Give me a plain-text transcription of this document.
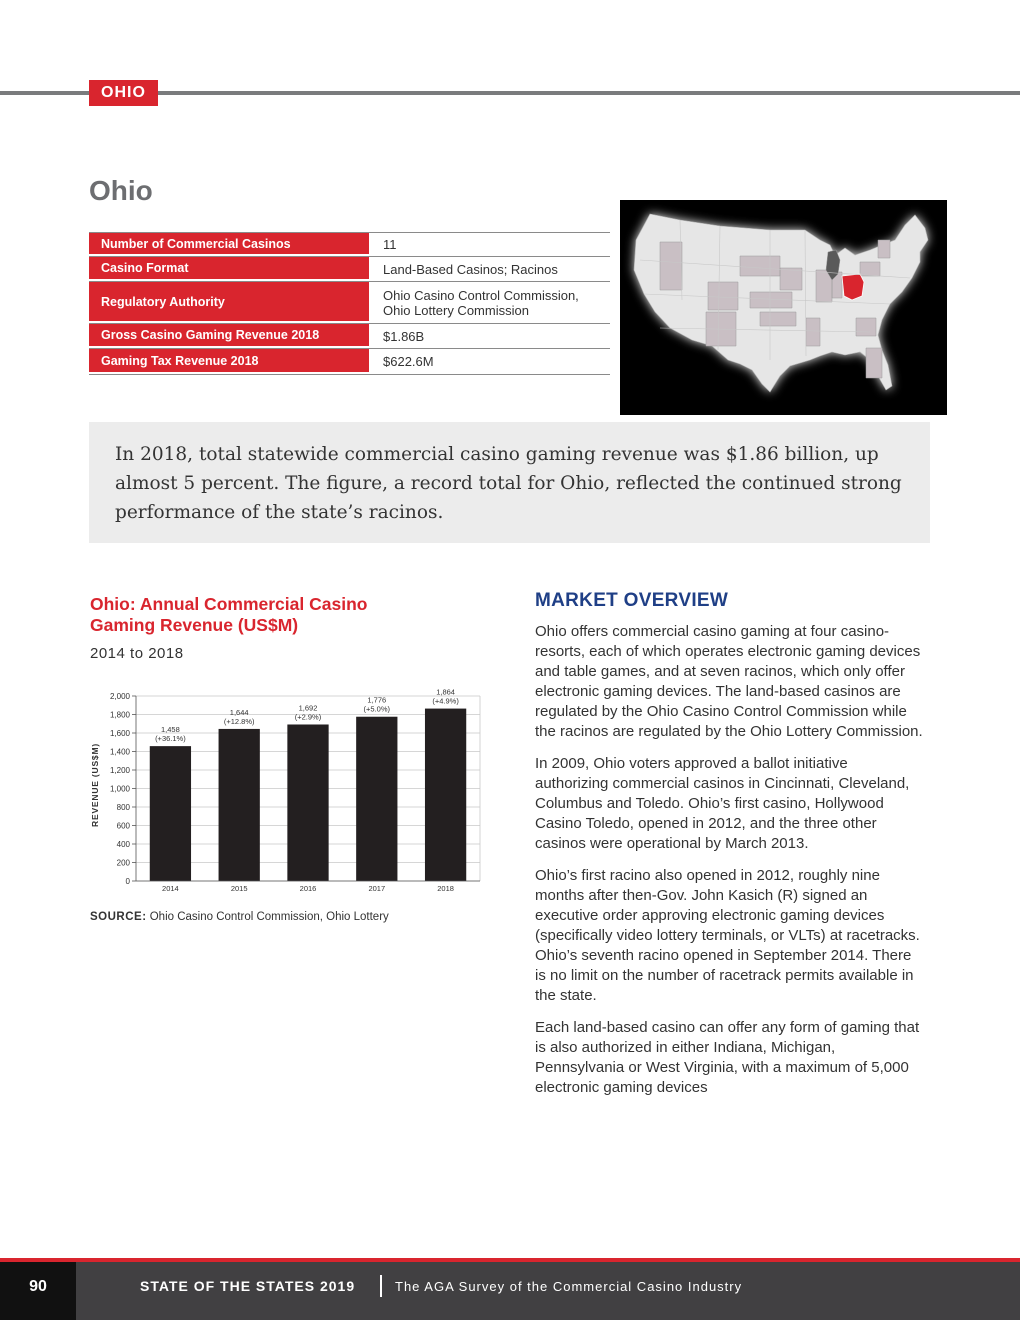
OHIO
Ohio
Number of Commercial Casinos	11
Casino Format	Land-Based Casinos; Racinos
Regulatory Authority	Ohio Casino Control Commission, Ohio Lottery Commission
Gross Casino Gaming Revenue 2018	$1.86B
Gaming Tax Revenue 2018	$622.6M
In 2018, total statewide commercial casino gaming revenue was $1.86 billion, up almost 5 percent. The figure, a record total for Ohio, reflected the continued strong performance of the state’s racinos.
Ohio: Annual Commercial Casino Gaming Revenue (US$M)
2014 to 2018
0
200
400
600
800
1,000
1,200
1,400
1,600
1,800
2,000
1,458
(+36.1%)
1,644
(+12.8%)
1,692
(+2.9%)
1,776
(+5.0%)
1,864
(+4.9%)
2014	2015	2016	2017	2018
REVENUE (US$M)
SOURCE: Ohio Casino Control Commission, Ohio Lottery
MARKET OVERVIEW

Ohio offers commercial casino gaming at four casino-resorts, each of which operates electronic gaming devices and table games, and at seven racinos, which only offer electronic gaming devices. The land-based casinos are regulated by the Ohio Casino Control Commission while the racinos are regulated by the Ohio Lottery Commission.

In 2009, Ohio voters approved a ballot initiative authorizing commercial casinos in Cincinnati, Cleveland, Columbus and Toledo. Ohio’s first casino, Hollywood Casino Toledo, opened in 2012, and the three other casinos were operational by March 2013.

Ohio’s first racino also opened in 2012, roughly nine months after then-Gov. John Kasich (R) signed an executive order approving electronic gaming devices (specifically video lottery terminals, or VLTs) at racetracks. Ohio’s seventh racino opened in September 2014. There is no limit on the number of racetrack permits available in the state.

Each land-based casino can offer any form of gaming that is also authorized in either Indiana, Michigan, Pennsylvania or West Virginia, with a maximum of 5,000 electronic gaming devices

90	STATE OF THE STATES 2019	The AGA Survey of the Commercial Casino Industry
